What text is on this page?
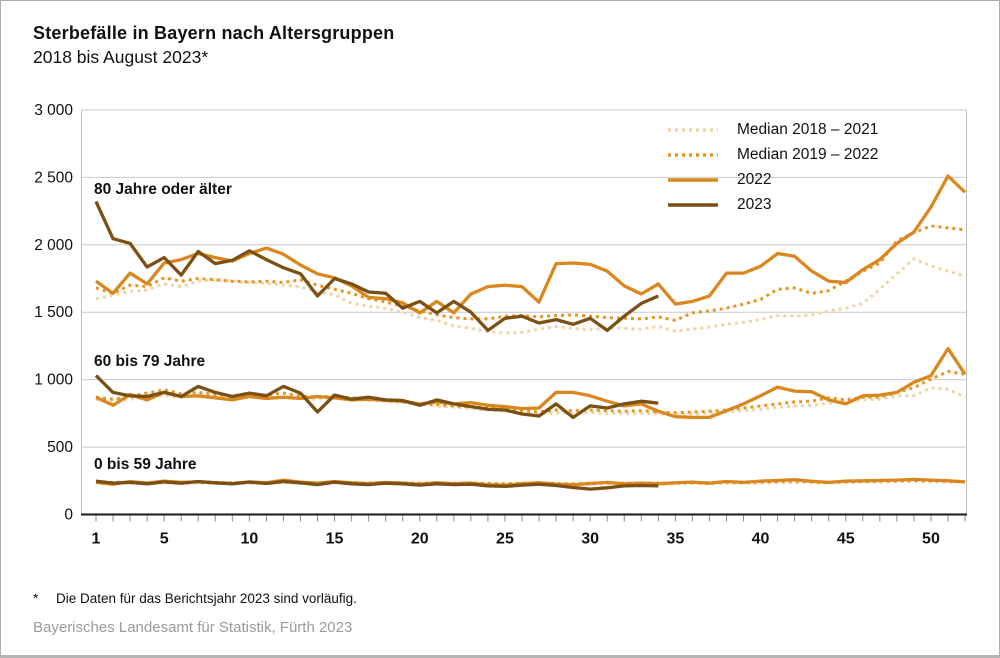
Sterbefälle in Bayern nach Altersgruppen
2018 bis August 2023*
0
500
1 000
1 500
2 000
2 500
3 000
1	5	10	15	20	25	30	35	40	45	50
Median 2018 – 2021
Median 2019 – 2022
2022
2023
80 Jahre oder älter
60 bis 79 Jahre
0 bis 59 Jahre
* Die Daten für das Berichtsjahr 2023 sind vorläufig.
Bayerisches Landesamt für Statistik, Fürth 2023
